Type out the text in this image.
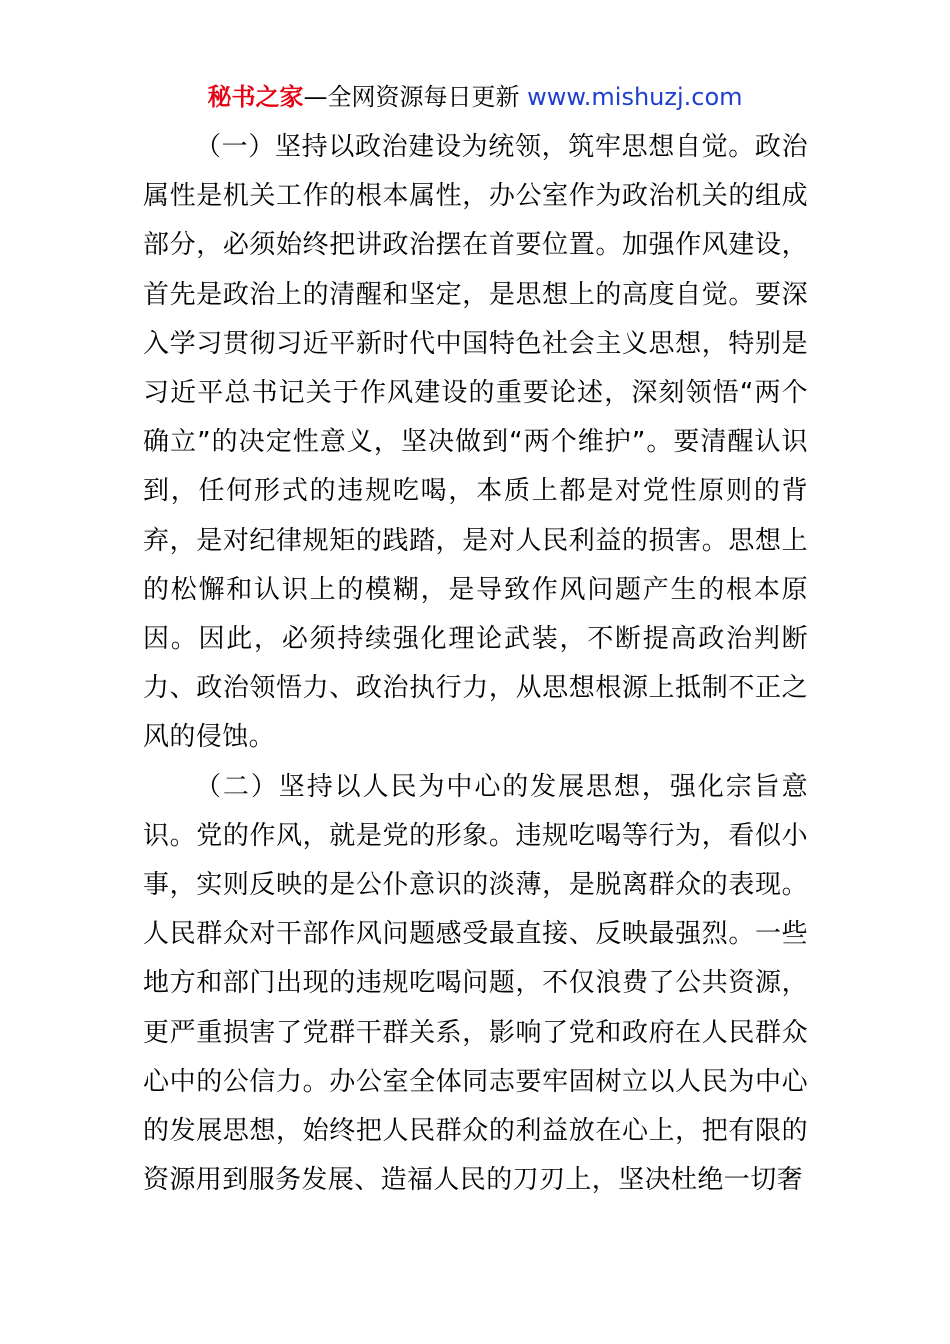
秘书之家—全网资源每日更新 www.mishuzj.com

（一）坚持以政治建设为统领，筑牢思想自觉。政治属性是机关工作的根本属性，办公室作为政治机关的组成部分，必须始终把讲政治摆在首要位置。加强作风建设，首先是政治上的清醒和坚定，是思想上的高度自觉。要深入学习贯彻习近平新时代中国特色社会主义思想，特别是习近平总书记关于作风建设的重要论述，深刻领悟“两个确立”的决定性意义，坚决做到“两个维护”。要清醒认识到，任何形式的违规吃喝，本质上都是对党性原则的背弃，是对纪律规矩的践踏，是对人民利益的损害。思想上的松懈和认识上的模糊，是导致作风问题产生的根本原因。因此，必须持续强化理论武装，不断提高政治判断力、政治领悟力、政治执行力，从思想根源上抵制不正之风的侵蚀。

（二）坚持以人民为中心的发展思想，强化宗旨意识。党的作风，就是党的形象。违规吃喝等行为，看似小事，实则反映的是公仆意识的淡薄，是脱离群众的表现。人民群众对干部作风问题感受最直接、反映最强烈。一些地方和部门出现的违规吃喝问题，不仅浪费了公共资源，更严重损害了党群干群关系，影响了党和政府在人民群众心中的公信力。办公室全体同志要牢固树立以人民为中心的发展思想，始终把人民群众的利益放在心上，把有限的资源用到服务发展、造福人民的刀刃上，坚决杜绝一切奢
